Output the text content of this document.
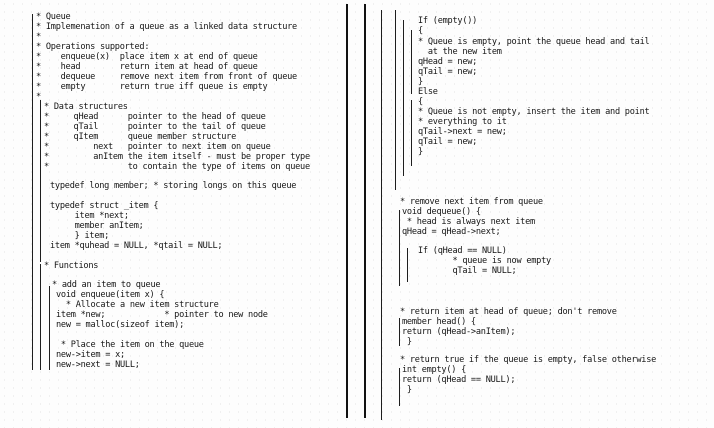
* Queue
* Implemenation of a queue as a linked data structure
*
* Operations supported:
*    enqueue(x)  place item x at end of queue
*    head        return item at head of queue
*    dequeue     remove next item from front of queue
*    empty       return true iff queue is empty
*
* Data structures
*     qHead      pointer to the head of queue
*     qTail      pointer to the tail of queue
*     qItem      queue member structure
*         next   pointer to next item on queue
*         anItem the item itself - must be proper type
*                to contain the type of items on queue
typedef long member; * storing longs on this queue
typedef struct _item {
item *next;
member anItem;
} item;
item *quhead = NULL, *qtail = NULL;
* Functions
* add an item to queue
void enqueue(item x) {
* Allocate a new item structure
item *new;            * pointer to new node
new = malloc(sizeof item);
* Place the item on the queue
new->item = x;
new->next = NULL;
If (empty())
{
* Queue is empty, point the queue head and tail
at the new item
qHead = new;
qTail = new;
}
Else
{
* Queue is not empty, insert the item and point
* everything to it
qTail->next = new;
qTail = new;
}
* remove next item from queue
void dequeue() {
* head is always next item
qHead = qHead->next;
If (qHead == NULL)
* queue is now empty
qTail = NULL;
* return item at head of queue; don't remove
member head() {
return (qHead->anItem);
}
* return true if the queue is empty, false otherwise
int empty() {
return (qHead == NULL);
}
